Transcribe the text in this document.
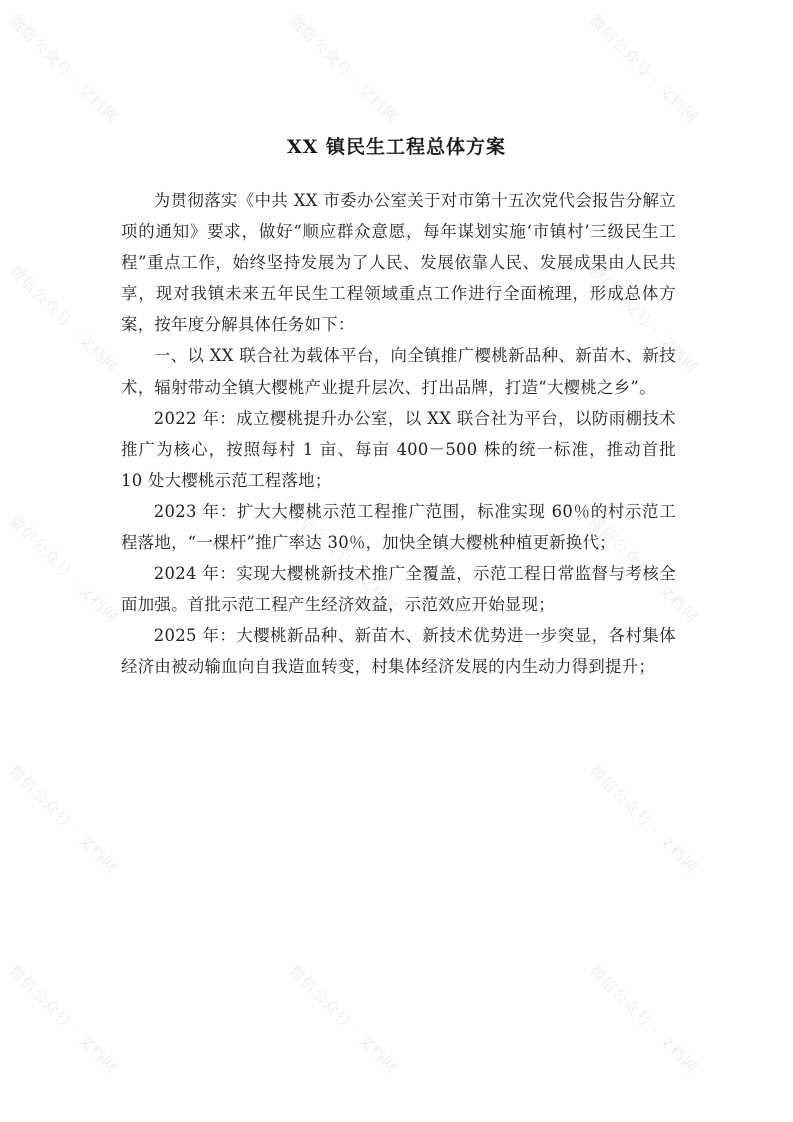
微信公众号 · 文档网
微信公众号 · 文档网
微信公众号 · 文档网
微信公众号 · 文档网
微信公众号 · 文档网
微信公众号 · 文档网
微信公众号 · 文档网
微信公众号 · 文档网
微信公众号 · 文档网
微信公众号 · 文档网
微信公众号 · 文档网
微信公众号 · 文档网
微信公众号 · 文档网
XX 镇民生工程总体方案

为贯彻落实《中共 XX 市委办公室关于对市第十五次党代会报告分解立项的通知》要求，做好“顺应群众意愿，每年谋划实施‘市镇村’三级民生工程”重点工作，始终坚持发展为了人民、发展依靠人民、发展成果由人民共享，现对我镇未来五年民生工程领域重点工作进行全面梳理，形成总体方案，按年度分解具体任务如下：

一、以 XX 联合社为载体平台，向全镇推广樱桃新品种、新苗木、新技术，辐射带动全镇大樱桃产业提升层次、打出品牌，打造“大樱桃之乡”。

2022 年：成立樱桃提升办公室，以 XX 联合社为平台，以防雨棚技术推广为核心，按照每村 1 亩、每亩 400－500 株的统一标准，推动首批 10 处大樱桃示范工程落地；

2023 年：扩大大樱桃示范工程推广范围，标准实现 60％的村示范工程落地，“一棵杆”推广率达 30％，加快全镇大樱桃种植更新换代；

2024 年：实现大樱桃新技术推广全覆盖，示范工程日常监督与考核全面加强。首批示范工程产生经济效益，示范效应开始显现；

2025 年：大樱桃新品种、新苗木、新技术优势进一步突显，各村集体经济由被动输血向自我造血转变，村集体经济发展的内生动力得到提升；
